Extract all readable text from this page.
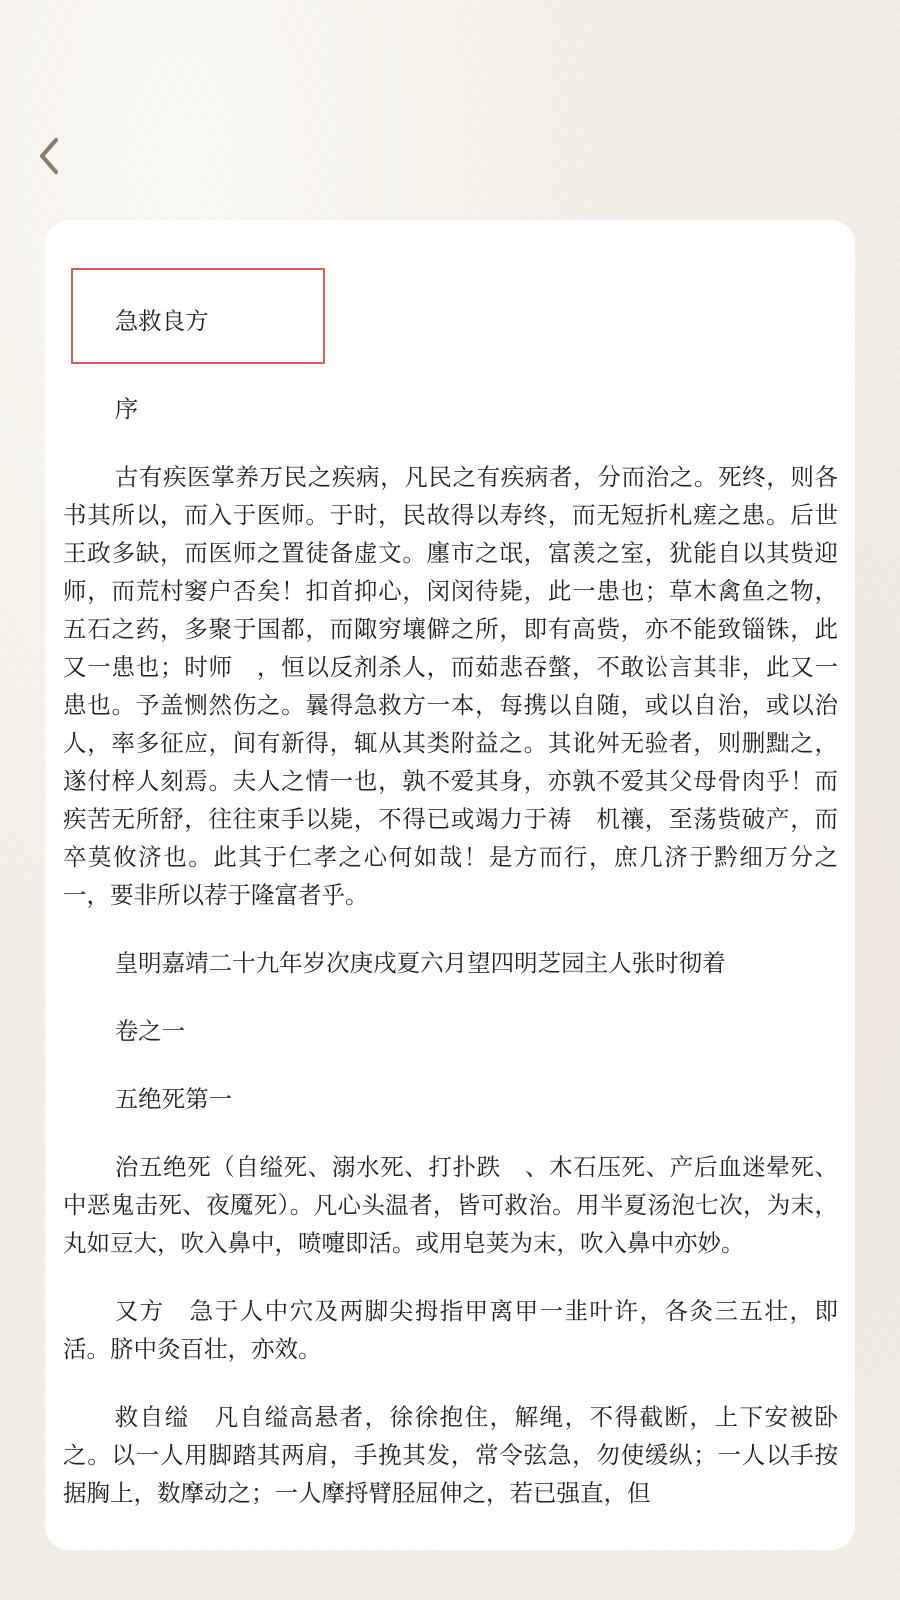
急救良方
序

古有疾医掌养万民之疾病，凡民之有疾病者，分而治之。死终，则各书其所以，而入于医师。于时，民故得以寿终，而无短折札瘥之患。后世王政多缺，而医师之置徒备虚文。廛市之氓，富羡之室，犹能自以其赀迎师，而荒村窭户否矣！扣首抑心，闵闵待毙，此一患也；草木禽鱼之物，五石之药，多聚于国都，而陬穷壤僻之所，即有高赀，亦不能致锱铢，此又一患也；时师　，恒以反剂杀人，而茹悲吞螫，不敢讼言其非，此又一患也。予盖恻然伤之。曩得急救方一本，每携以自随，或以自治，或以治人，率多征应，间有新得，辄从其类附益之。其讹舛无验者，则删黜之，遂付梓人刻焉。夫人之情一也，孰不爱其身，亦孰不爱其父母骨肉乎！而疾苦无所舒，往往束手以毙，不得已或竭力于祷　机禳，至荡赀破产，而卒莫攸济也。此其于仁孝之心何如哉！是方而行，庶几济于黔细万分之一，要非所以荐于隆富者乎。

皇明嘉靖二十九年岁次庚戌夏六月望四明芝园主人张时彻着
卷之一
五绝死第一

治五绝死（自缢死、溺水死、打扑跌　、木石压死、产后血迷晕死、中恶鬼击死、夜魇死）。凡心头温者，皆可救治。用半夏汤泡七次，为末，丸如豆大，吹入鼻中，喷嚏即活。或用皂荚为末，吹入鼻中亦妙。

又方　急于人中穴及两脚尖拇指甲离甲一韭叶许，各灸三五壮，即活。脐中灸百壮，亦效。

救自缢　凡自缢高悬者，徐徐抱住，解绳，不得截断，上下安被卧之。以一人用脚踏其两肩，手挽其发，常令弦急，勿使缓纵；一人以手按据胸上，数摩动之；一人摩捋臂胫屈伸之，若已强直，但
